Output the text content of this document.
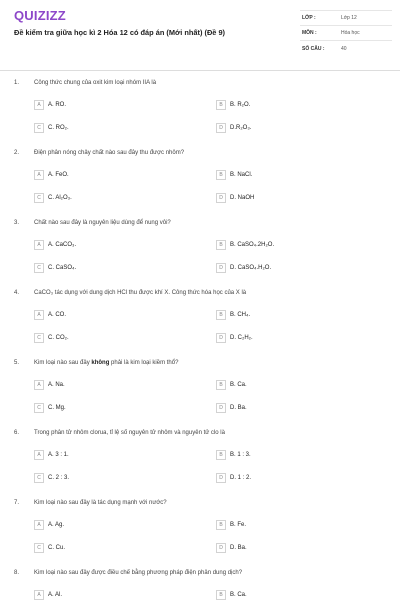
QUIZIZZ
Đề kiểm tra giữa học kì 2 Hóa 12 có đáp án (Mới nhất) (Đề 9)
LỚP :	Lớp 12
MÔN :	Hóa học
SỐ CÂU :	40
1. Công thức chung của oxit kim loại nhóm IIA là
A	A. RO.	B	B. R₂O.
C	C. RO₂.	D	D.R₂O₃.
2. Điện phân nóng chảy chất nào sau đây thu được nhôm?
A	A. FeO.	B	B. NaCl.
C	C. Al₂O₃.	D	D. NaOH
3. Chất nào sau đây là nguyên liệu dùng để nung vôi?
A	A. CaCO₃.	B	B. CaSO₄.2H₂O.
C	C. CaSO₄.	D	D. CaSO₄.H₂O.
4. CaCO₃ tác dụng với dung dịch HCl thu được khí X. Công thức hóa học của X là
A	A. CO.	B	B. CH₄.
C	C. CO₂.	D	D. C₂H₂.
5. Kim loại nào sau đây không phải là kim loại kiềm thổ?
A	A. Na.	B	B. Ca.
C	C. Mg.	D	D. Ba.
6. Trong phân tử nhôm clorua, tỉ lệ số nguyên tử nhôm và nguyên tử clo là
A	A. 3 : 1.	B	B. 1 : 3.
C	C. 2 : 3.	D	D. 1 : 2.
7. Kim loại nào sau đây là tác dụng mạnh với nước?
A	A. Ag.	B	B. Fe.
C	C. Cu.	D	D. Ba.
8. Kim loại nào sau đây được điều chế bằng phương pháp điện phân dung dịch?
A	A. Al.	B	B. Ca.
